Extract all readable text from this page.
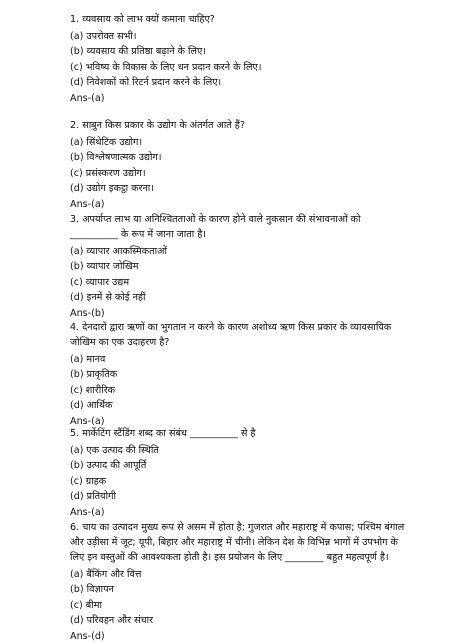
1. व्यवसाय को लाभ क्यों कमाना चाहिए?

(a) उपरोक्त सभी।

(b) व्यवसाय की प्रतिष्ठा बढ़ाने के लिए।

(c) भविष्य के विकास के लिए धन प्रदान करने के लिए।

(d) निवेशकों को रिटर्न प्रदान करने के लिए।

Ans-(a)

2. साबुन किस प्रकार के उद्योग के अंतर्गत आते हैं?

(a) सिंथेटिक उद्योग।

(b) विश्लेषणात्मक उद्योग।

(c) प्रसंस्करण उद्योग।

(d) उद्योग इकट्ठा करना।

Ans-(a)

3. अपर्याप्त लाभ या अनिश्चितताओं के कारण होने वाले नुकसान की संभावनाओं को __________ के रूप में जाना जाता है।

(a) व्यापार आकस्मिकताओं

(b) व्यापार जोखिम

(c) व्यापार उद्यम

(d) इनमें से कोई नहीं

Ans-(b)

4. देनदारों द्वारा ऋणों का भुगतान न करने के कारण अशोध्य ऋण किस प्रकार के व्यावसायिक जोखिम का एक उदाहरण है?

(a) मानव

(b) प्राकृतिक

(c) शारीरिक

(d) आर्थिक

Ans-(a)

5. मार्केटिंग स्टैंडिंग शब्द का संबंध __________ से है

(a) एक उत्पाद की स्थिति

(b) उत्पाद की आपूर्ति

(c) ग्राहक

(d) प्रतियोगी

Ans-(a)

6. चाय का उत्पादन मुख्य रूप से असम में होता है; गुजरात और महाराष्ट्र में कपास; पश्चिम बंगाल और उड़ीसा में जूट; यूपी, बिहार और महाराष्ट्र में चीनी। लेकिन देश के विभिन्न भागों में उपभोग के लिए इन वस्तुओं की आवश्यकता होती है। इस प्रयोजन के लिए ________ बहुत महत्वपूर्ण है।

(a) बैंकिंग और वित्त

(b) विज्ञापन

(c) बीमा

(d) परिवहन और संचार

Ans-(d)
